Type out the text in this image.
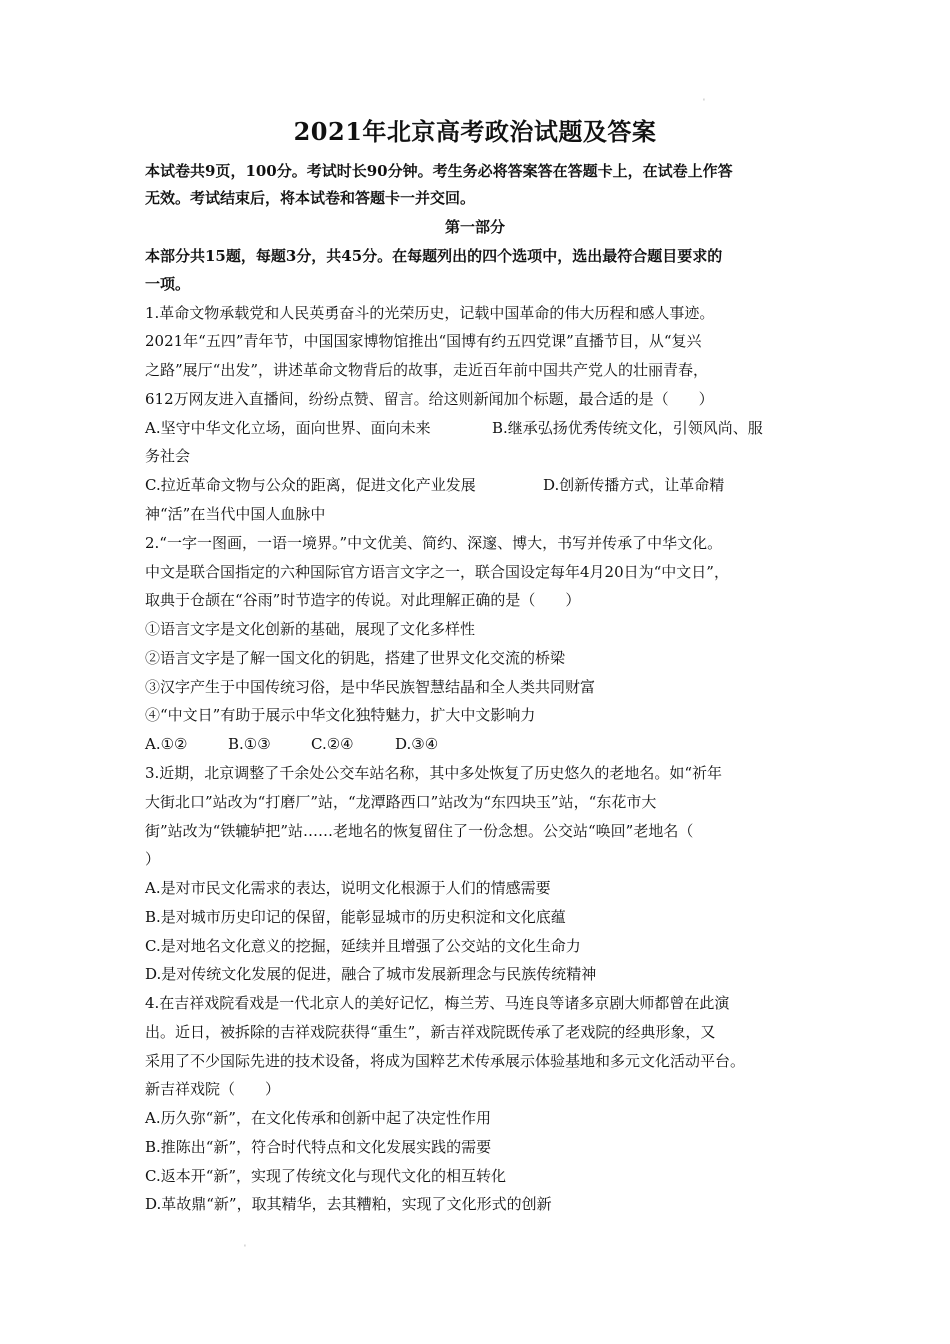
'
2021年北京高考政治试题及答案
本试卷共9页，100分。考试时长90分钟。考生务必将答案答在答题卡上，在试卷上作答
无效。考试结束后，将本试卷和答题卡一并交回。
第一部分
本部分共15题，每题3分，共45分。在每题列出的四个选项中，选出最符合题目要求的
一项。
1.革命文物承载党和人民英勇奋斗的光荣历史，记载中国革命的伟大历程和感人事迹。
2021年“五四”青年节，中国国家博物馆推出“国博有约五四党课”直播节目，从“复兴
之路”展厅“出发”，讲述革命文物背后的故事，走近百年前中国共产党人的壮丽青春，
612万网友进入直播间，纷纷点赞、留言。给这则新闻加个标题，最合适的是（　　）
A.坚守中华文化立场，面向世界、面向未来	B.继承弘扬优秀传统文化，引领风尚、服
务社会
C.拉近革命文物与公众的距离，促进文化产业发展	D.创新传播方式，让革命精
神“活”在当代中国人血脉中
2.“一字一图画，一语一境界。”中文优美、简约、深邃、博大，书写并传承了中华文化。
中文是联合国指定的六种国际官方语言文字之一，联合国设定每年4月20日为“中文日”，
取典于仓颉在“谷雨”时节造字的传说。对此理解正确的是（　　）
①语言文字是文化创新的基础，展现了文化多样性
②语言文字是了解一国文化的钥匙，搭建了世界文化交流的桥梁
③汉字产生于中国传统习俗，是中华民族智慧结晶和全人类共同财富
④“中文日”有助于展示中华文化独特魅力，扩大中文影响力
A.①②	B.①③	C.②④	D.③④
3.近期，北京调整了千余处公交车站名称，其中多处恢复了历史悠久的老地名。如“祈年
大街北口”站改为“打磨厂”站，“龙潭路西口”站改为“东四块玉”站，“东花市大
街”站改为“铁辘轳把”站……老地名的恢复留住了一份念想。公交站“唤回”老地名（
）
A.是对市民文化需求的表达，说明文化根源于人们的情感需要
B.是对城市历史印记的保留，能彰显城市的历史积淀和文化底蕴
C.是对地名文化意义的挖掘，延续并且增强了公交站的文化生命力
D.是对传统文化发展的促进，融合了城市发展新理念与民族传统精神
4.在吉祥戏院看戏是一代北京人的美好记忆，梅兰芳、马连良等诸多京剧大师都曾在此演
出。近日，被拆除的吉祥戏院获得“重生”，新吉祥戏院既传承了老戏院的经典形象，又
采用了不少国际先进的技术设备，将成为国粹艺术传承展示体验基地和多元文化活动平台。
新吉祥戏院（　　）
A.历久弥“新”，在文化传承和创新中起了决定性作用
B.推陈出“新”，符合时代特点和文化发展实践的需要
C.返本开“新”，实现了传统文化与现代文化的相互转化
D.革故鼎“新”，取其精华，去其糟粕，实现了文化形式的创新
'
